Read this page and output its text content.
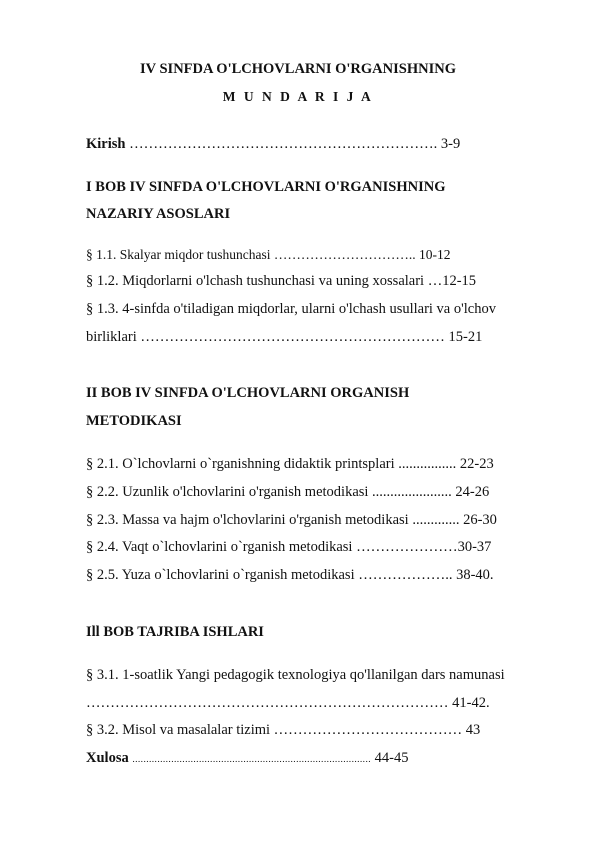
IV SINFDA O'LCHOVLARNI O'RGANISHNING
M U N D A R I J A
Kirish ………………………………………………………. 3-9
I BOB IV SINFDA O'LCHOVLARNI O'RGANISHNING
NAZARIY ASOSLARI
§ 1.1. Skalyar miqdor tushunchasi ………………………….. 10-12
§ 1.2. Miqdorlarni o'lchash tushunchasi va uning xossalari …12-15
§ 1.3. 4-sinfda o'tiladigan miqdorlar, ularni o'lchash usullari va o'lchov
birliklari ……………………………………………………… 15-21
II BOB IV SINFDA O'LCHOVLARNI ORGANISH
METODIKASI
§ 2.1. O`lchovlarni o`rganishning didaktik printsplari ................ 22-23
§ 2.2. Uzunlik o'lchovlarini o'rganish metodikasi ...................... 24-26
§ 2.3. Massa va hajm o'lchovlarini o'rganish metodikasi ............. 26-30
§ 2.4. Vaqt o`lchovlarini o`rganish metodikasi …………………30-37
§ 2.5. Yuza o`lchovlarini o`rganish metodikasi ……………….. 38-40.
Ill BOB TAJRIBA ISHLARI
§ 3.1. 1-soatlik Yangi pedagogik texnologiya qo'llanilgan dars namunasi
………………………………………………………………… 41-42.
§ 3.2. Misol va masalalar tizimi ………………………………… 43
Xulosa ...................................................................................... 44-45
